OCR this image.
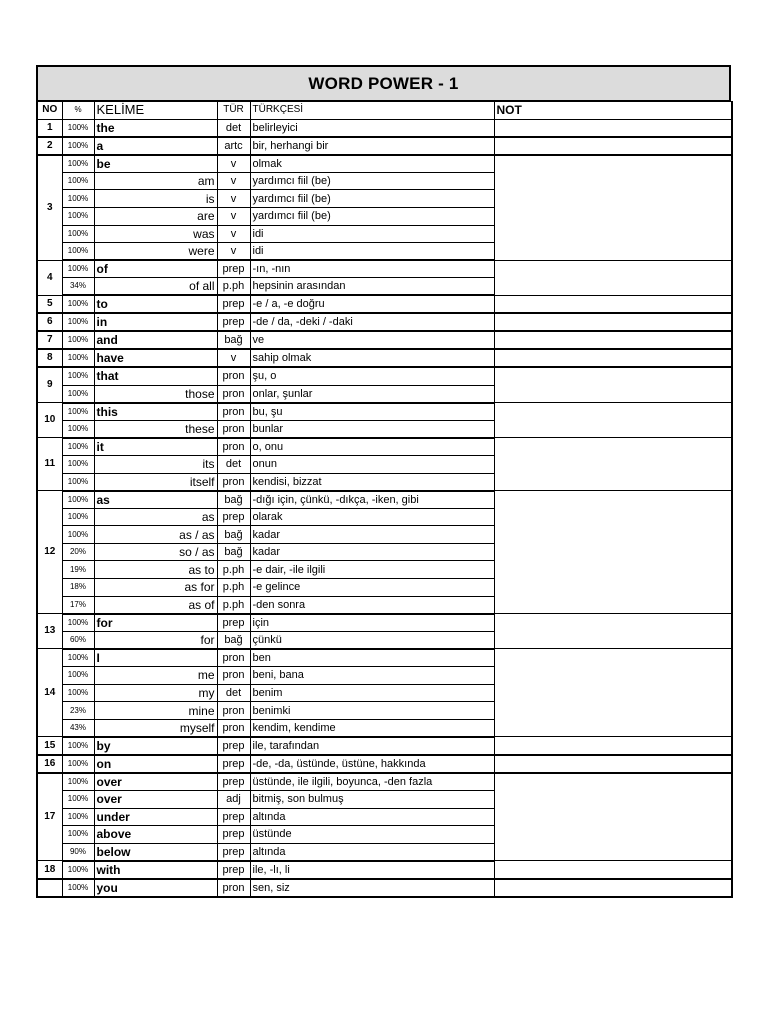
WORD POWER - 1
NO	%	KELİME	TÜR	TÜRKÇESİ	NOT
1	100%	the	det	belirleyici	
2	100%	a	artc	bir, herhangi bir	
3	100%	be	v	olmak	
	100%	am	v	yardımcı fiil (be)	
	100%	is	v	yardımcı fiil (be)	
	100%	are	v	yardımcı fiil (be)	
	100%	was	v	idi	
	100%	were	v	idi	
4	100%	of	prep	-ın, -nın	
	34%	of all	p.ph	hepsinin arasından	
5	100%	to	prep	-e / a, -e doğru	
6	100%	in	prep	-de / da, -deki / -daki	
7	100%	and	bağ	ve	
8	100%	have	v	sahip olmak	
9	100%	that	pron	şu, o	
	100%	those	pron	onlar, şunlar	
10	100%	this	pron	bu, şu	
	100%	these	pron	bunlar	
11	100%	it	pron	o, onu	
	100%	its	det	onun	
	100%	itself	pron	kendisi, bizzat	
12	100%	as	bağ	-dığı için, çünkü, -dıkça, -iken, gibi	
	100%	as	prep	olarak	
	100%	as / as	bağ	kadar	
	20%	so / as	bağ	kadar	
	19%	as to	p.ph	-e dair, -ile ilgili	
	18%	as for	p.ph	-e gelince	
	17%	as of	p.ph	-den sonra	
13	100%	for	prep	için	
	60%	for	bağ	çünkü	
14	100%	I	pron	ben	
	100%	me	pron	beni, bana	
	100%	my	det	benim	
	23%	mine	pron	benimki	
	43%	myself	pron	kendim, kendime	
15	100%	by	prep	ile, tarafından	
16	100%	on	prep	-de, -da, üstünde, üstüne, hakkında	
17	100%	over	prep	üstünde, ile ilgili, boyunca, -den fazla	
	100%	over	adj	bitmiş, son bulmuş	
	100%	under	prep	altında	
	100%	above	prep	üstünde	
	90%	below	prep	altında	
18	100%	with	prep	ile, -lı, li	
	100%	you	pron	sen, siz	
